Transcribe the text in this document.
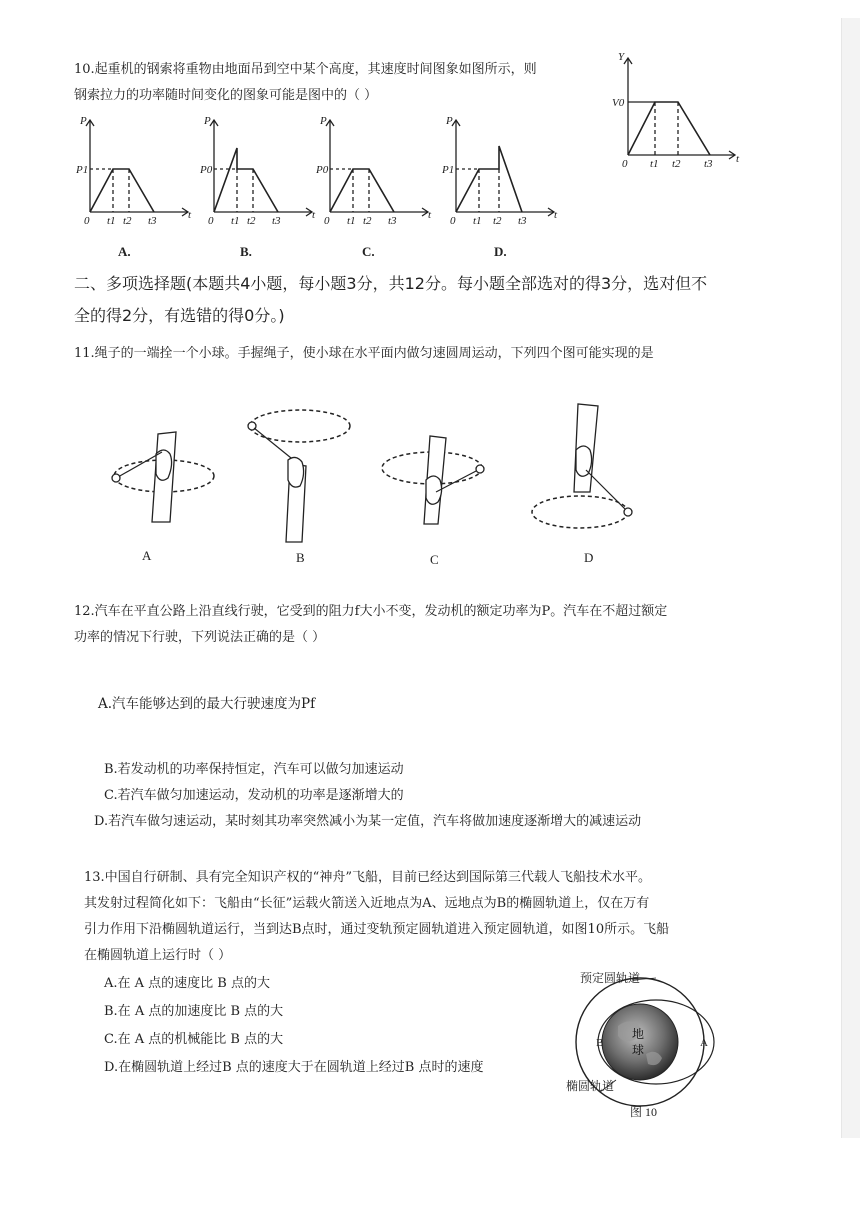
10.起重机的钢索将重物由地面吊到空中某个高度，其速度时间图象如图所示，则
钢索拉力的功率随时间变化的图象可能是图中的（ ）
Y
V0
0 t1 t2 t3 t
P
P1
0 t1 t2 t3	t
A.
P
P0
0 t1 t2 t3	t
B.
P
P0
0 t1 t2 t3	t
C.
P
P1
0 t1 t2 t3 t
D.
二、多项选择题(本题共4小题，每小题3分，共12分。每小题全部选对的得3分，选对但不
全的得2分，有选错的得0分。)
11.绳子的一端拴一个小球。手握绳子，使小球在水平面内做匀速圆周运动，下列四个图可能实现的是
A	B	C	D
12.汽车在平直公路上沿直线行驶，它受到的阻力f大小不变，发动机的额定功率为P。汽车在不超过额定
功率的情况下行驶，下列说法正确的是（ ）
A.汽车能够达到的最大行驶速度为Pf
B.若发动机的功率保持恒定，汽车可以做匀加速运动
C.若汽车做匀加速运动，发动机的功率是逐渐增大的
D.若汽车做匀速运动，某时刻其功率突然减小为某一定值，汽车将做加速度逐渐增大的减速运动
13.中国自行研制、具有完全知识产权的“神舟”飞船，目前已经达到国际第三代载人飞船技术水平。
其发射过程简化如下：飞船由“长征”运载火箭送入近地点为A、远地点为B的椭圆轨道上，仅在万有
引力作用下沿椭圆轨道运行，当到达B点时，通过变轨预定圆轨道进入预定圆轨道，如图10所示。飞船
在椭圆轨道上运行时（ ）
A.在 A 点的速度比 B 点的大
B.在 A 点的加速度比 B 点的大
C.在 A 点的机械能比 B 点的大
D.在椭圆轨道上经过B 点的速度大于在圆轨道上经过B 点时的速度
预定圆轨道
椭圆轨道
地
球
B	A
图 10
